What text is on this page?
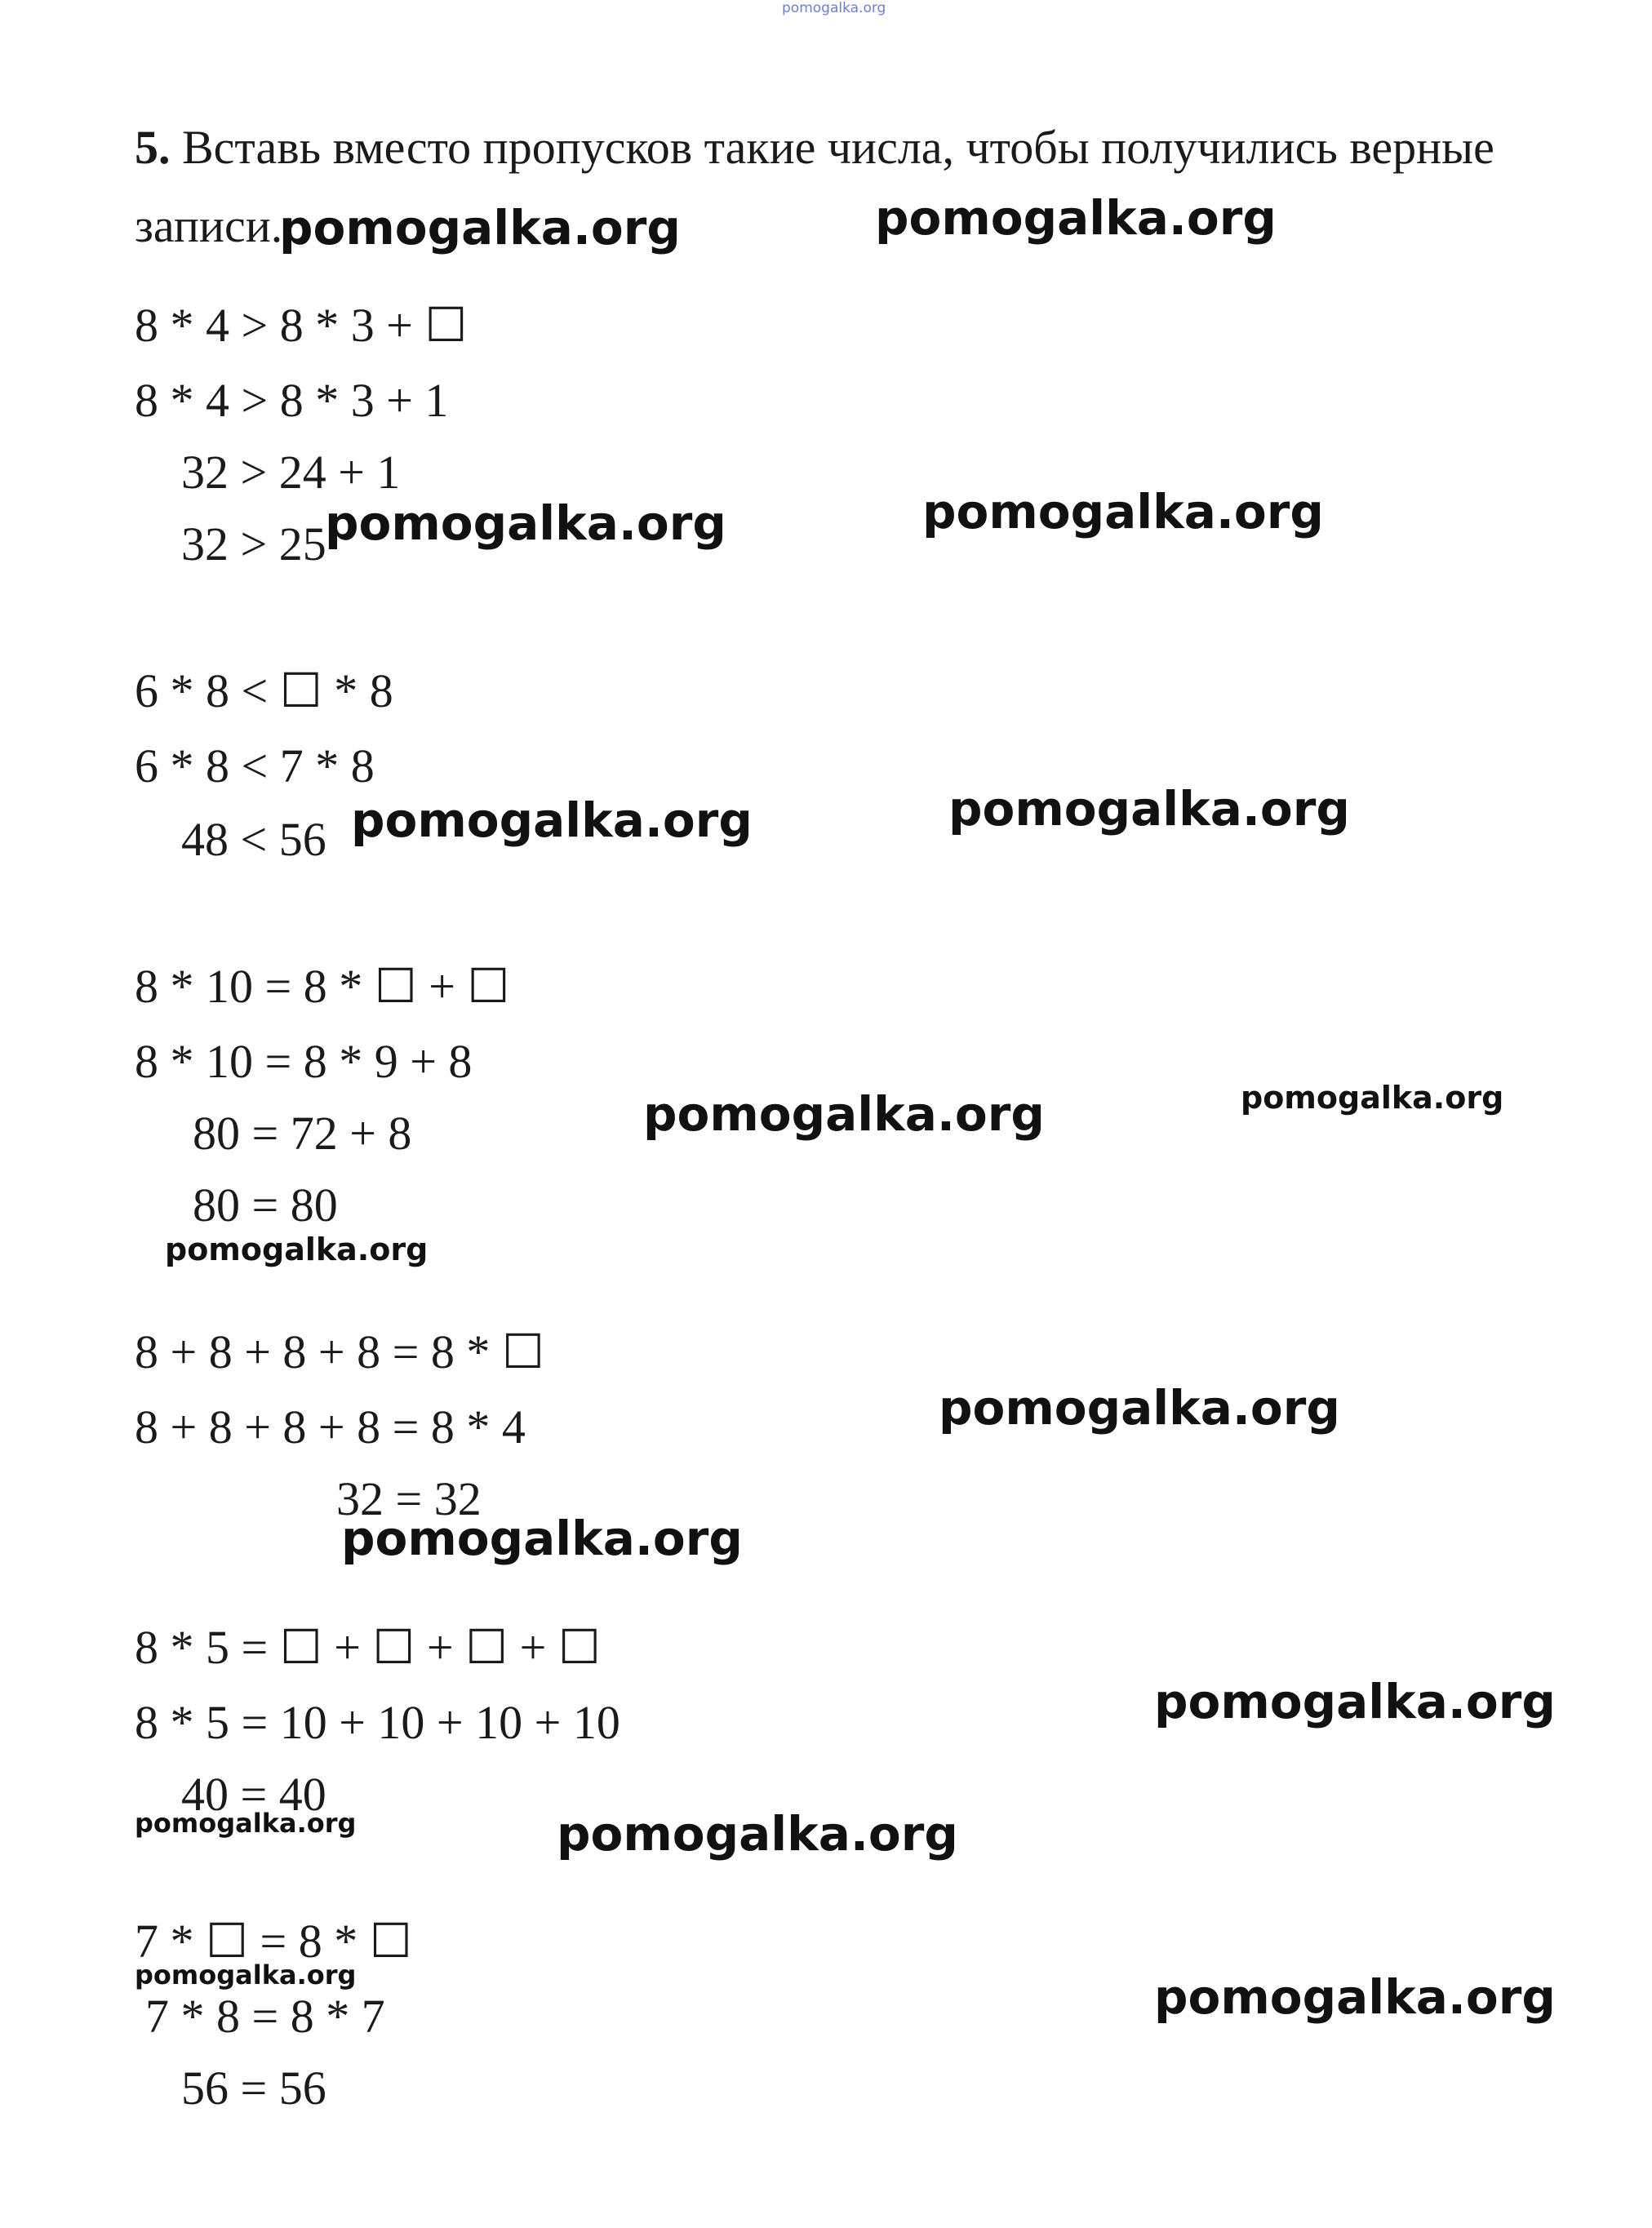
pomogalka.org
5. Вставь вместо пропусков такие числа, чтобы получились верные
записи.
8 * 4 > 8 * 3 + ☐
8 * 4 > 8 * 3 + 1
32 > 24 + 1
32 > 25
6 * 8 < ☐ * 8
6 * 8 < 7 * 8
48 < 56
8 * 10 = 8 * ☐ + ☐
8 * 10 = 8 * 9 + 8
80 = 72 + 8
80 = 80
8 + 8 + 8 + 8 = 8 * ☐
8 + 8 + 8 + 8 = 8 * 4
32 = 32
8 * 5 = ☐ + ☐ + ☐ + ☐
8 * 5 = 10 + 10 + 10 + 10
40 = 40
7 * ☐ = 8 * ☐
7 * 8 = 8 * 7
56 = 56
pomogalka.org	pomogalka.org
pomogalka.org	pomogalka.org
pomogalka.org	pomogalka.org
pomogalka.org	pomogalka.org
pomogalka.org
pomogalka.org
pomogalka.org
pomogalka.org
pomogalka.org	pomogalka.org
pomogalka.org	pomogalka.org
